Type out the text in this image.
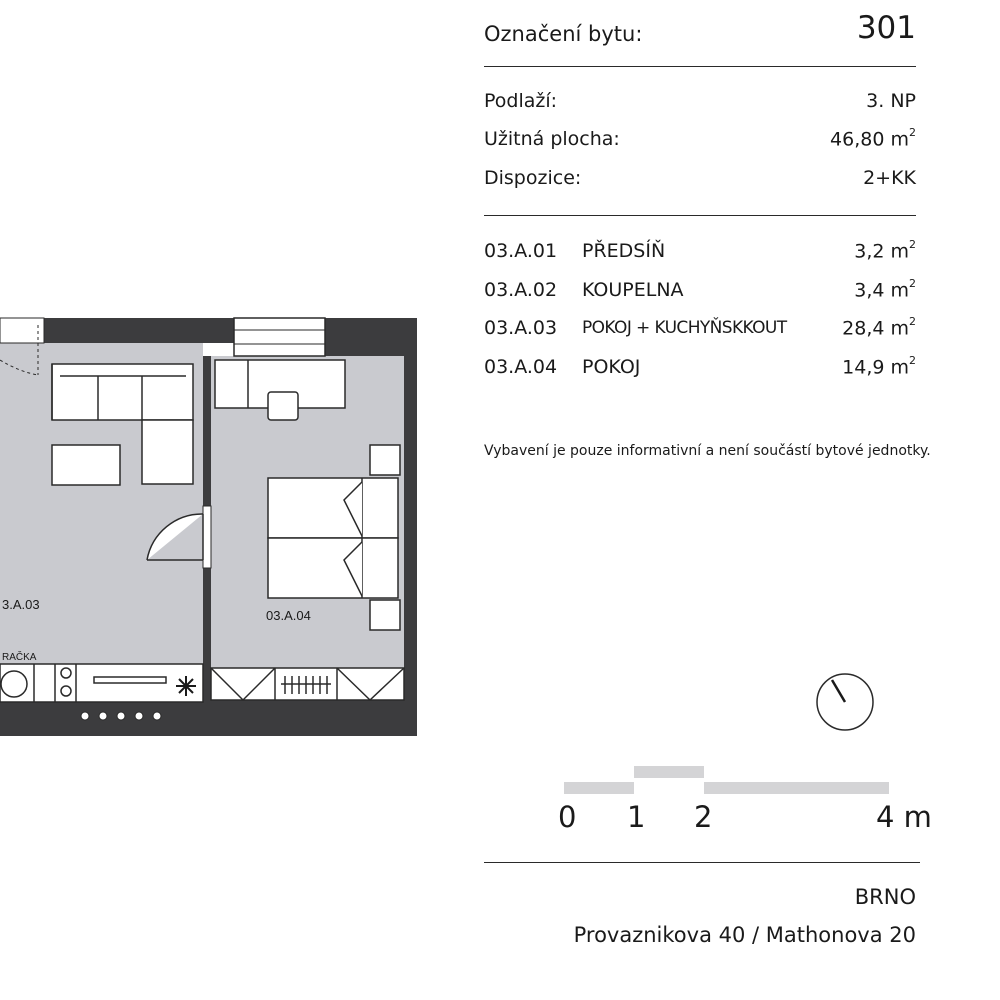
3.A.03
03.A.04
RAČKA
Označení bytu:	301
Podlaží:	3. NP
Užitná plocha:	46,80 $m^2$
Dispozice:	2+KK
03.A.01 PŘEDSÍŇ	3,2 $m^2$
03.A.02 KOUPELNA	3,4 $m^2$
03.A.03 POKOJ + KUCHYŇSKKOUT	28,4 $m^2$
03.A.04 POKOJ	14,9 $m^2$
Vybavení je pouze informativní a není součástí bytové jednotky.
BRNO
Provaznikova 40 / Mathonova 20
0 1 2	4 m
